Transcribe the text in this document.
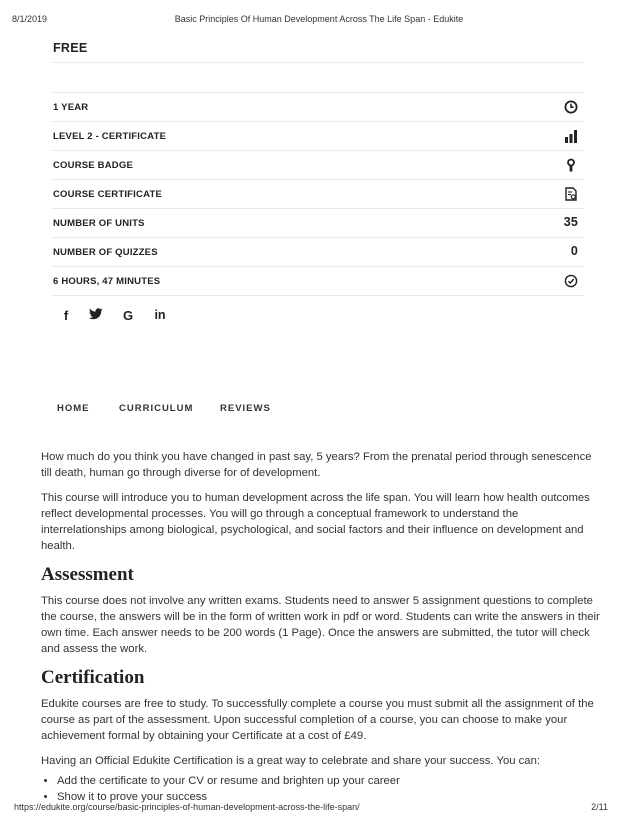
8/1/2019	Basic Principles Of Human Development Across The Life Span - Edukite
FREE
1 YEAR
LEVEL 2 - CERTIFICATE
COURSE BADGE
COURSE CERTIFICATE
NUMBER OF UNITS	35
NUMBER OF QUIZZES	0
6 HOURS, 47 MINUTES
f	G in
HOME	CURRICULUM	REVIEWS

How much do you think you have changed in past say, 5 years? From the prenatal period through senescence till death, human go through diverse for of development.

This course will introduce you to human development across the life span. You will learn how health outcomes reflect developmental processes. You will go through a conceptual framework to understand the interrelationships among biological, psychological, and social factors and their influence on development and health.

Assessment

This course does not involve any written exams. Students need to answer 5 assignment questions to complete the course, the answers will be in the form of written work in pdf or word. Students can write the answers in their own time. Each answer needs to be 200 words (1 Page). Once the answers are submitted, the tutor will check and assess the work.

Certification

Edukite courses are free to study. To successfully complete a course you must submit all the assignment of the course as part of the assessment. Upon successful completion of a course, you can choose to make your achievement formal by obtaining your Certificate at a cost of £49.

Having an Official Edukite Certification is a great way to celebrate and share your success. You can:

• Add the certificate to your CV or resume and brighten up your career
• Show it to prove your success
https://edukite.org/course/basic-principles-of-human-development-across-the-life-span/	2/11
